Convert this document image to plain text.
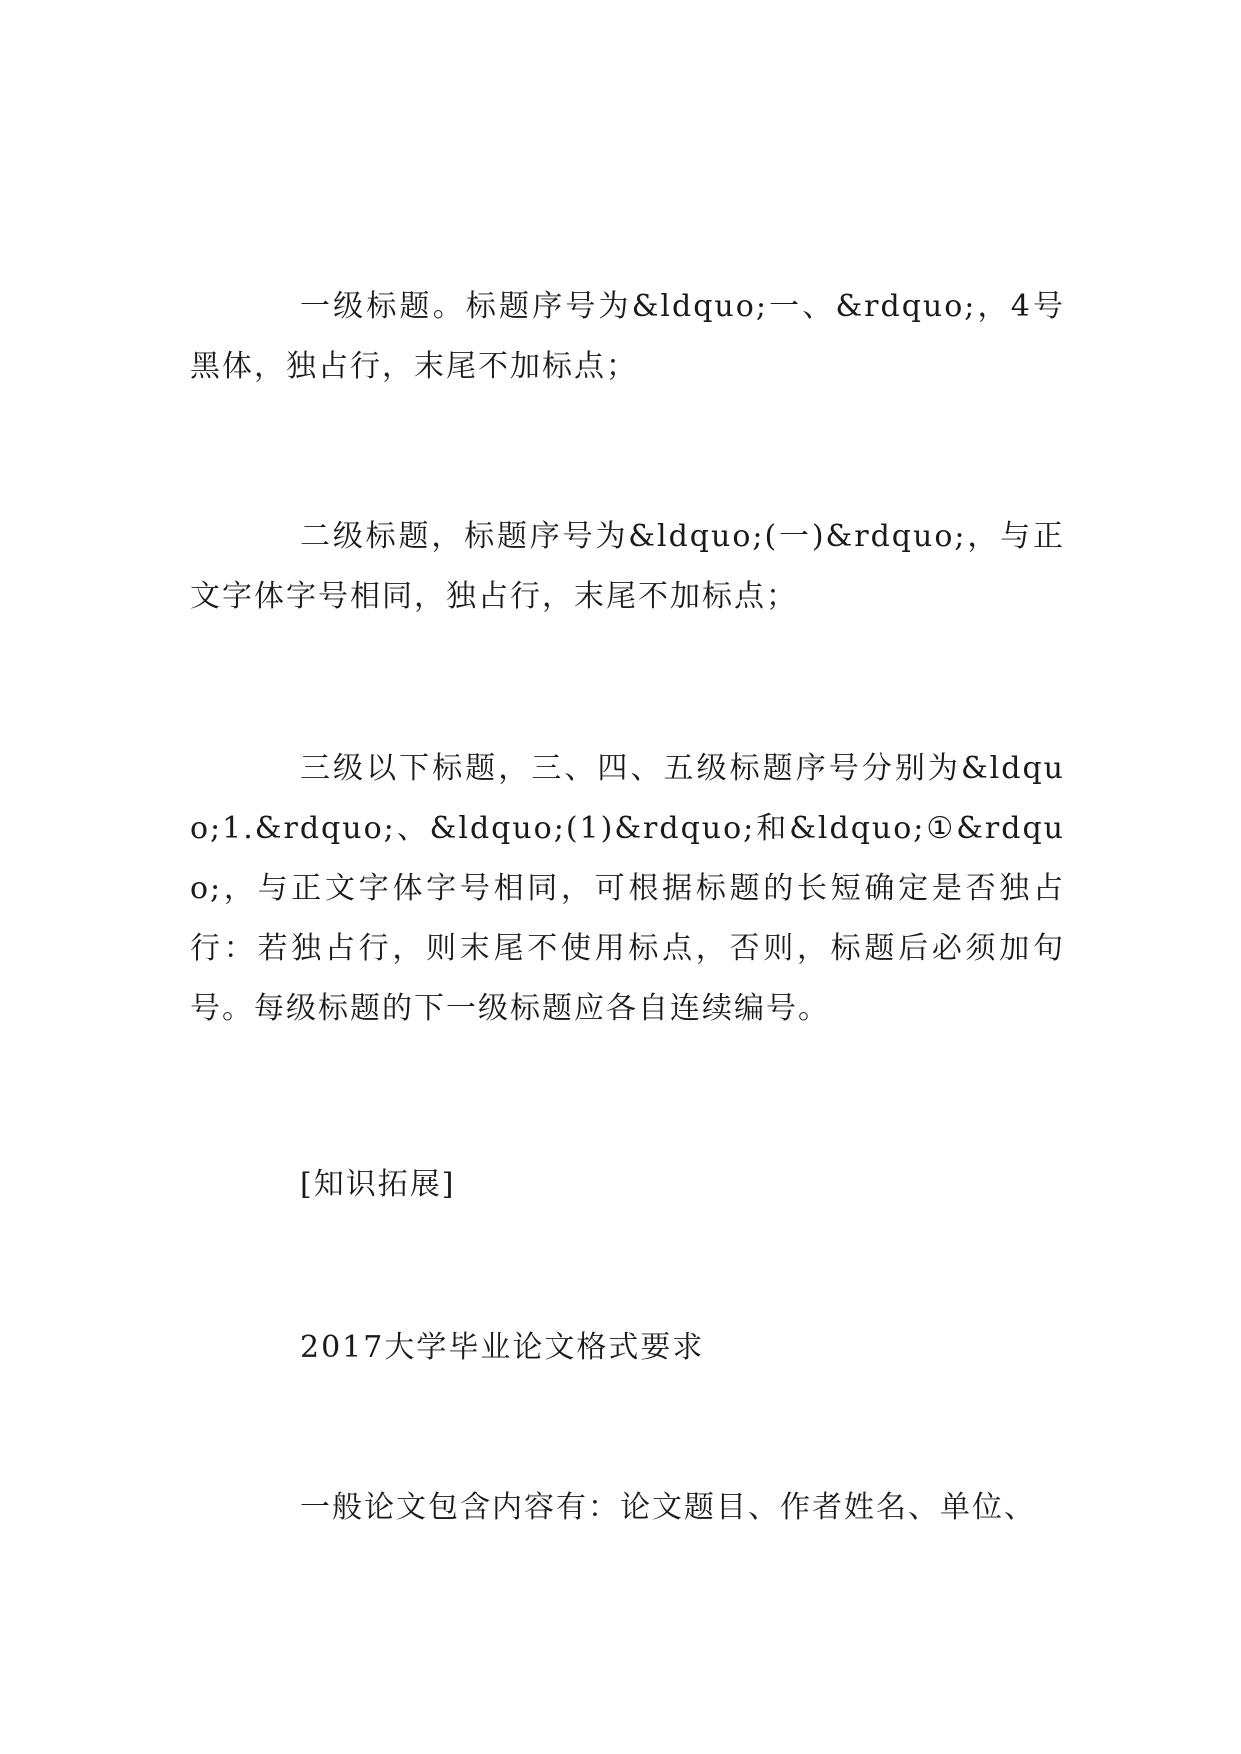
一级标题。标题序号为&ldquo;一、&rdquo;，4号黑体，独占行，末尾不加标点；

二级标题，标题序号为&ldquo;(一)&rdquo;，与正文字体字号相同，独占行，末尾不加标点；

三级以下标题，三、四、五级标题序号分别为&ldquo;1.&rdquo;、&ldquo;(1)&rdquo;和&ldquo;①&rdquo;，与正文字体字号相同，可根据标题的长短确定是否独占行：若独占行，则末尾不使用标点，否则，标题后必须加句号。每级标题的下一级标题应各自连续编号。

[知识拓展]

2017大学毕业论文格式要求

一般论文包含内容有：论文题目、作者姓名、单位、
